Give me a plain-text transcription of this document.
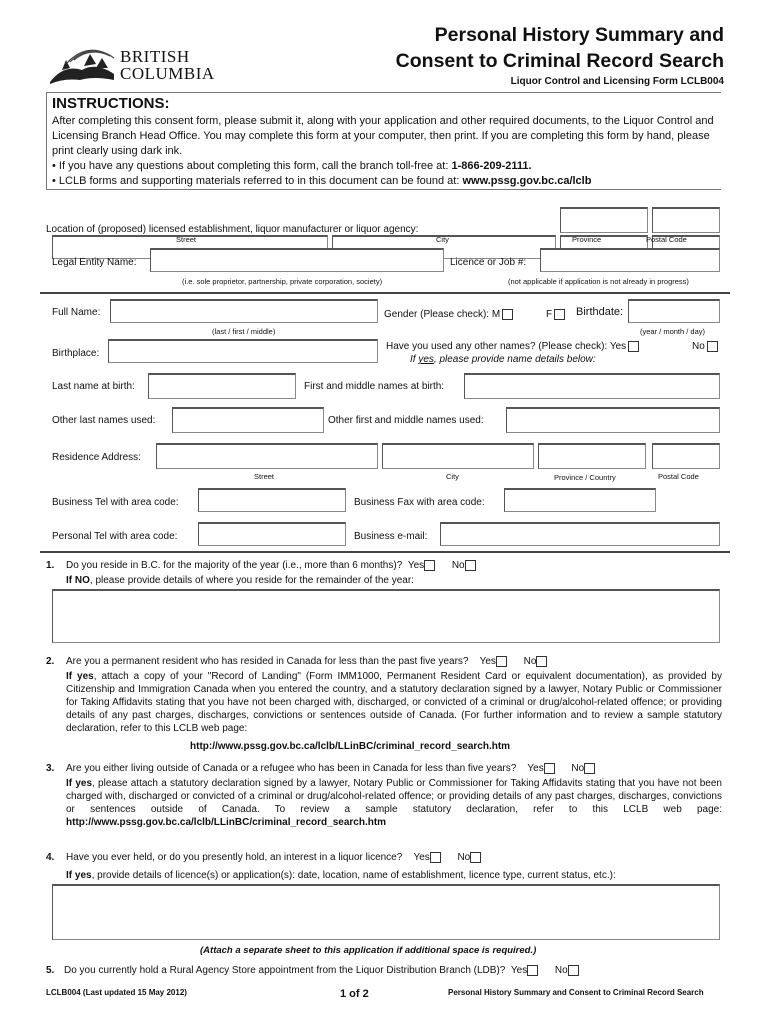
BRITISH
COLUMBIA
Personal History Summary and
Consent to Criminal Record Search
Liquor Control and Licensing Form LCLB004
INSTRUCTIONS:
After completing this consent form, please submit it, along with your application and other required documents, to the Liquor Control and Licensing Branch Head Office. You may complete this form at your computer, then print. If you are completing this form by hand, please print clearly using dark ink.
• If you have any questions about completing this form, call the branch toll-free at: 1-866-209-2111.
• LCLB forms and supporting materials referred to in this document can be found at: www.pssg.gov.bc.ca/lclb
Location of (proposed) licensed establishment, liquor manufacturer or liquor agency:
Street	City	Province	Postal Code
Legal Entity Name:
(i.e. sole proprietor, partnership, private corporation, society)
Licence or Job #:
(not applicable if application is not already in progress)
Full Name:
(last / first / middle)
Gender (Please check): M	F	Birthdate:
(year / month / day)
Birthplace:
Have you used any other names? (Please check): Yes	No
If yes, please provide name details below:
Last name at birth:	First and middle names at birth:
Other last names used:	Other first and middle names used:
Residence Address:
Street	City	Province / Country	Postal Code
Business Tel with area code:	Business Fax with area code:
Personal Tel with area code:	Business e-mail:
1. Do you reside in B.C. for the majority of the year (i.e., more than 6 months)? Yes	No
If NO, please provide details of where you reside for the remainder of the year:
2. Are you a permanent resident who has resided in Canada for less than the past five years? Yes	No
If yes, attach a copy of your "Record of Landing" (Form IMM1000, Permanent Resident Card or equivalent documentation), as provided by Citizenship and Immigration Canada when you entered the country, and a statutory declaration signed by a lawyer, Notary Public or Commissioner for Taking Affidavits stating that you have not been charged with, discharged, or convicted of a criminal or drug/alcohol-related offence; or providing details of any past charges, discharges, convictions or sentences outside of Canada. (For further information and to review a sample statutory declaration, refer to this LCLB web page:
http://www.pssg.gov.bc.ca/lclb/LLinBC/criminal_record_search.htm
3. Are you either living outside of Canada or a refugee who has been in Canada for less than five years? Yes	No
If yes, please attach a statutory declaration signed by a lawyer, Notary Public or Commissioner for Taking Affidavits stating that you have not been charged with, discharged or convicted of a criminal or drug/alcohol-related offence; or providing details of any past charges, discharges, convictions or sentences outside of Canada. To review a sample statutory declaration, refer to this LCLB web page: http://www.pssg.gov.bc.ca/lclb/LLinBC/criminal_record_search.htm
4. Have you ever held, or do you presently hold, an interest in a liquor licence? Yes	No
If yes, provide details of licence(s) or application(s): date, location, name of establishment, licence type, current status, etc.):
(Attach a separate sheet to this application if additional space is required.)
5. Do you currently hold a Rural Agency Store appointment from the Liquor Distribution Branch (LDB)? Yes	No
LCLB004 (Last updated 15 May 2012)	1 of 2	Personal History Summary and Consent to Criminal Record Search
